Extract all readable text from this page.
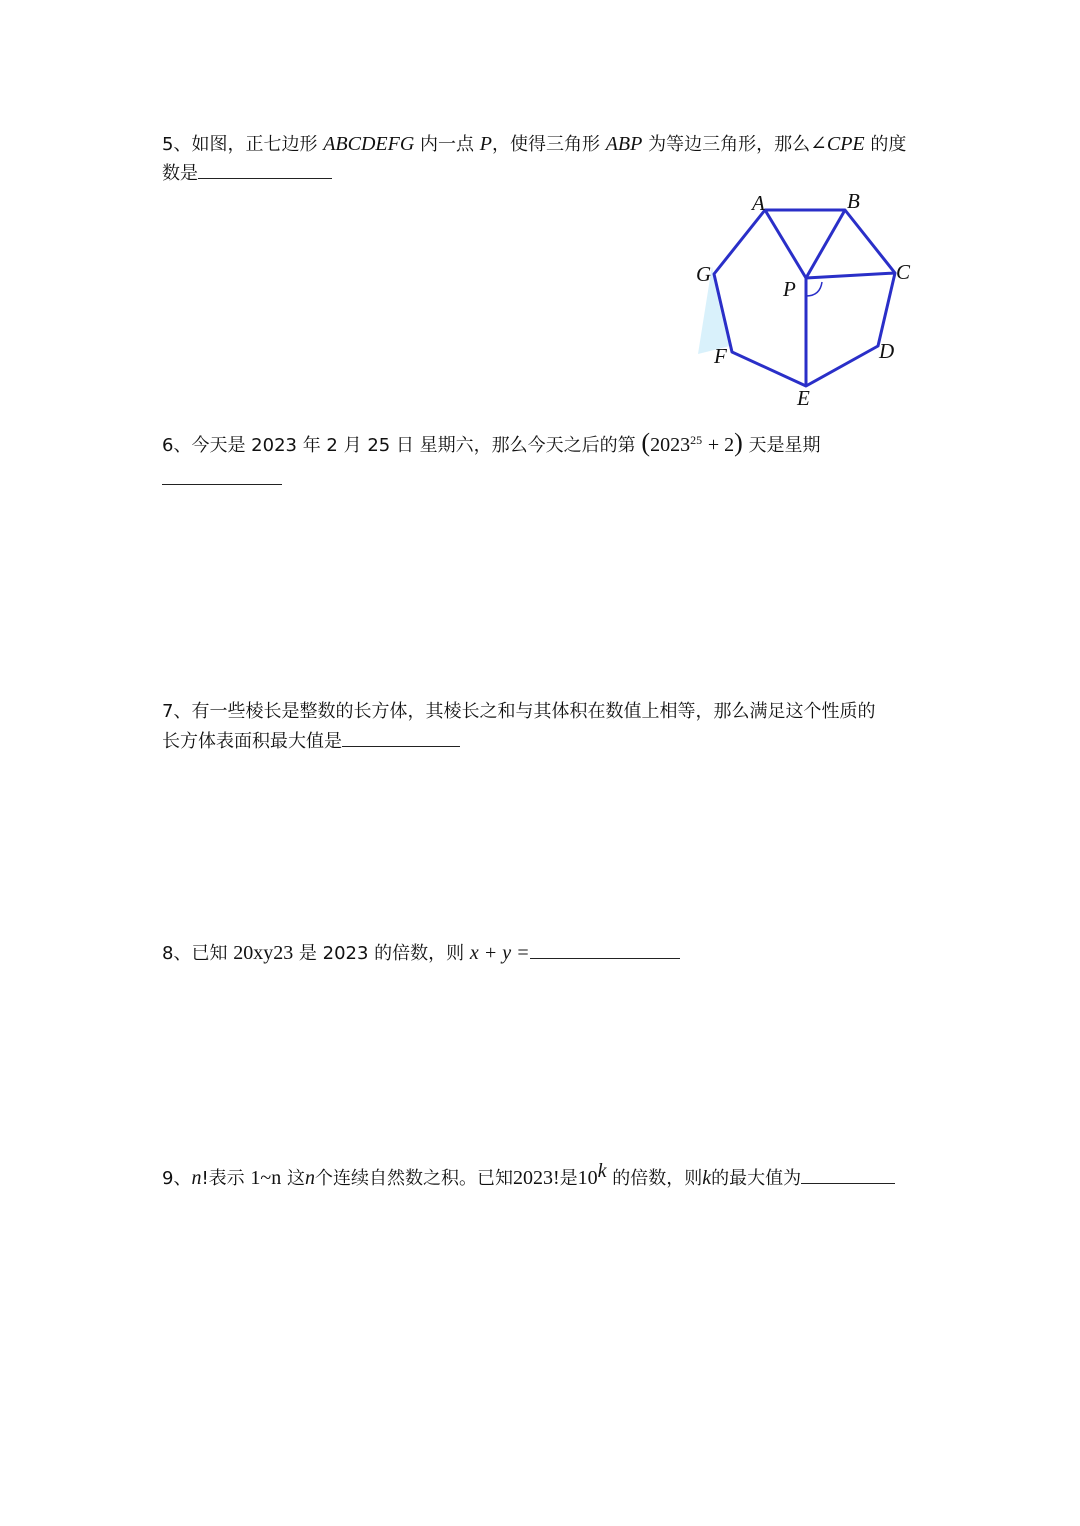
5、如图，正七边形 ABCDEFG 内一点 P，使得三角形 ABP 为等边三角形，那么∠CPE 的度
数是
A	B
C
D
E
F
G
P
6、今天是 2023 年 2 月 25 日 星期六，那么今天之后的第 $(2023^{25} + 2)$ 天是星期
7、有一些棱长是整数的长方体，其棱长之和与其体积在数值上相等，那么满足这个性质的
长方体表面积最大值是
8、已知 20xy23 是 2023 的倍数，则 x + y =
9、n!表示 1~n 这n个连续自然数之积。已知2023!是10$^k$ 的倍数，则k的最大值为
